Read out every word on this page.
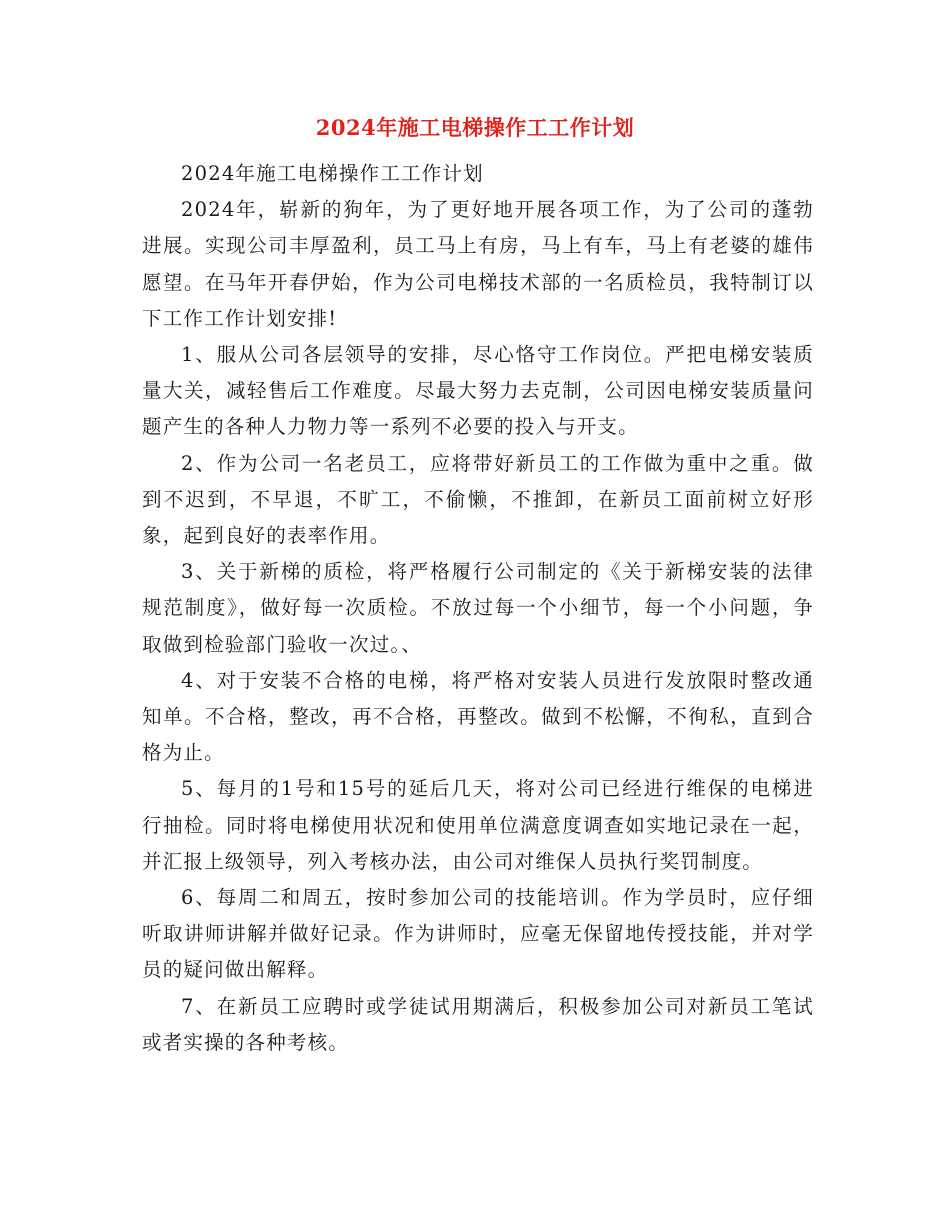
2024年施工电梯操作工工作计划

2024年施工电梯操作工工作计划

2024年，崭新的狗年，为了更好地开展各项工作，为了公司的蓬勃进展。实现公司丰厚盈利，员工马上有房，马上有车，马上有老婆的雄伟愿望。在马年开春伊始，作为公司电梯技术部的一名质检员，我特制订以下工作工作计划安排!

1、服从公司各层领导的安排，尽心恪守工作岗位。严把电梯安装质量大关，减轻售后工作难度。尽最大努力去克制，公司因电梯安装质量问题产生的各种人力物力等一系列不必要的投入与开支。

2、作为公司一名老员工，应将带好新员工的工作做为重中之重。做到不迟到，不早退，不旷工，不偷懒，不推卸，在新员工面前树立好形象，起到良好的表率作用。

3、关于新梯的质检，将严格履行公司制定的《关于新梯安装的法律规范制度》，做好每一次质检。不放过每一个小细节，每一个小问题，争取做到检验部门验收一次过。、

4、对于安装不合格的电梯，将严格对安装人员进行发放限时整改通知单。不合格，整改，再不合格，再整改。做到不松懈，不徇私，直到合格为止。

5、每月的1号和15号的延后几天，将对公司已经进行维保的电梯进行抽检。同时将电梯使用状况和使用单位满意度调查如实地记录在一起，并汇报上级领导，列入考核办法，由公司对维保人员执行奖罚制度。

6、每周二和周五，按时参加公司的技能培训。作为学员时，应仔细听取讲师讲解并做好记录。作为讲师时，应毫无保留地传授技能，并对学员的疑问做出解释。

7、在新员工应聘时或学徒试用期满后，积极参加公司对新员工笔试或者实操的各种考核。
